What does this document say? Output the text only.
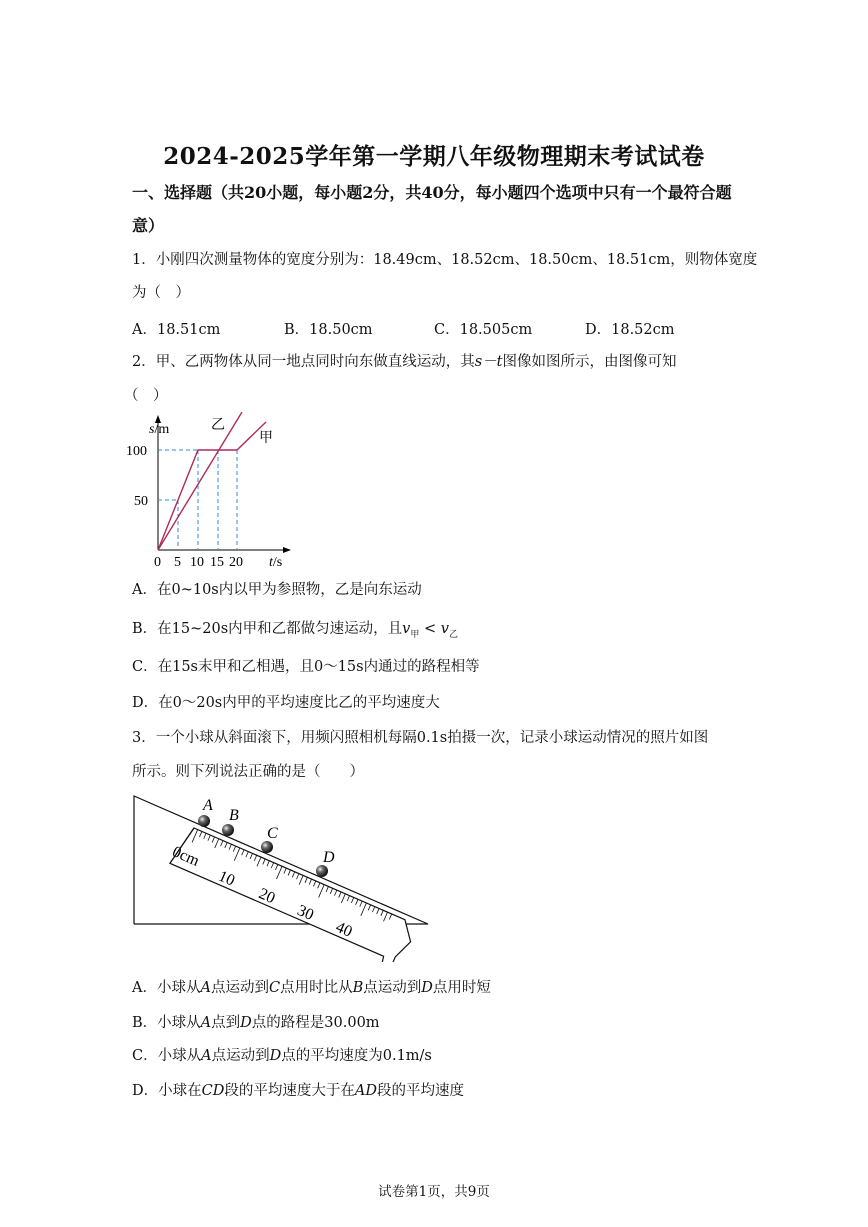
2024-2025学年第一学期八年级物理期末考试试卷
一、选择题（共20小题，每小题2分，共40分，每小题四个选项中只有一个最符合题意）
1．小刚四次测量物体的宽度分别为：18.49cm、18.52cm、18.50cm、18.51cm，则物体宽度
为（　）
A．18.51cm	B．18.50cm	C．18.505cm	D．18.52cm
2．甲、乙两物体从同一地点同时向东做直线运动，其s－t图像如图所示，由图像可知
（　）
s/m
100
50
0 5 10 15 20 t/s
乙
甲
A．在0~10s内以甲为参照物，乙是向东运动
B．在15~20s内甲和乙都做匀速运动，且$v_甲 < v_乙$
C．在15s末甲和乙相遇，且0～15s内通过的路程相等
D．在0～20s内甲的平均速度比乙的平均速度大
3．一个小球从斜面滚下，用频闪照相机每隔0.1s拍摄一次，记录小球运动情况的照片如图
所示。则下列说法正确的是（　　）
0cm
10
20
30
40
A
B
C
D
A．小球从A点运动到C点用时比从B点运动到D点用时短
B．小球从A点到D点的路程是30.00m
C．小球从A点运动到D点的平均速度为0.1m/s
D．小球在CD段的平均速度大于在AD段的平均速度
试卷第1页，共9页
